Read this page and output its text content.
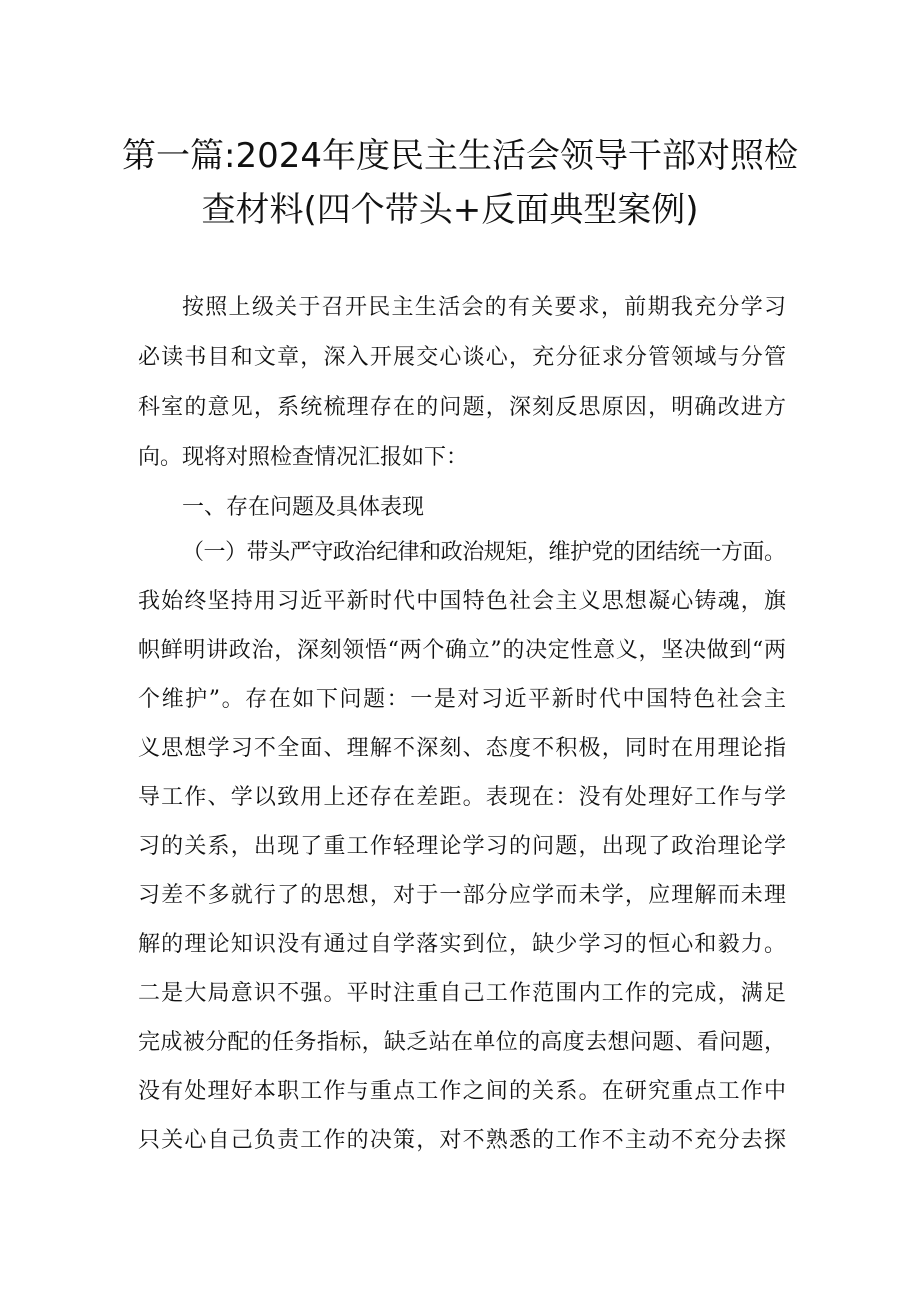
第一篇:2024年度民主生活会领导干部对照检
查材料(四个带头+反面典型案例)
按照上级关于召开民主生活会的有关要求，前期我充分学习
必读书目和文章，深入开展交心谈心，充分征求分管领域与分管
科室的意见，系统梳理存在的问题，深刻反思原因，明确改进方
向。现将对照检查情况汇报如下：
一、存在问题及具体表现
（一）带头严守政治纪律和政治规矩，维护党的团结统一方面。
我始终坚持用习近平新时代中国特色社会主义思想凝心铸魂，旗
帜鲜明讲政治，深刻领悟“两个确立”的决定性意义，坚决做到“两
个维护”。存在如下问题：一是对习近平新时代中国特色社会主
义思想学习不全面、理解不深刻、态度不积极，同时在用理论指
导工作、学以致用上还存在差距。表现在：没有处理好工作与学
习的关系，出现了重工作轻理论学习的问题，出现了政治理论学
习差不多就行了的思想，对于一部分应学而未学，应理解而未理
解的理论知识没有通过自学落实到位，缺少学习的恒心和毅力。
二是大局意识不强。平时注重自己工作范围内工作的完成，满足
完成被分配的任务指标，缺乏站在单位的高度去想问题、看问题，
没有处理好本职工作与重点工作之间的关系。在研究重点工作中
只关心自己负责工作的决策，对不熟悉的工作不主动不充分去探
